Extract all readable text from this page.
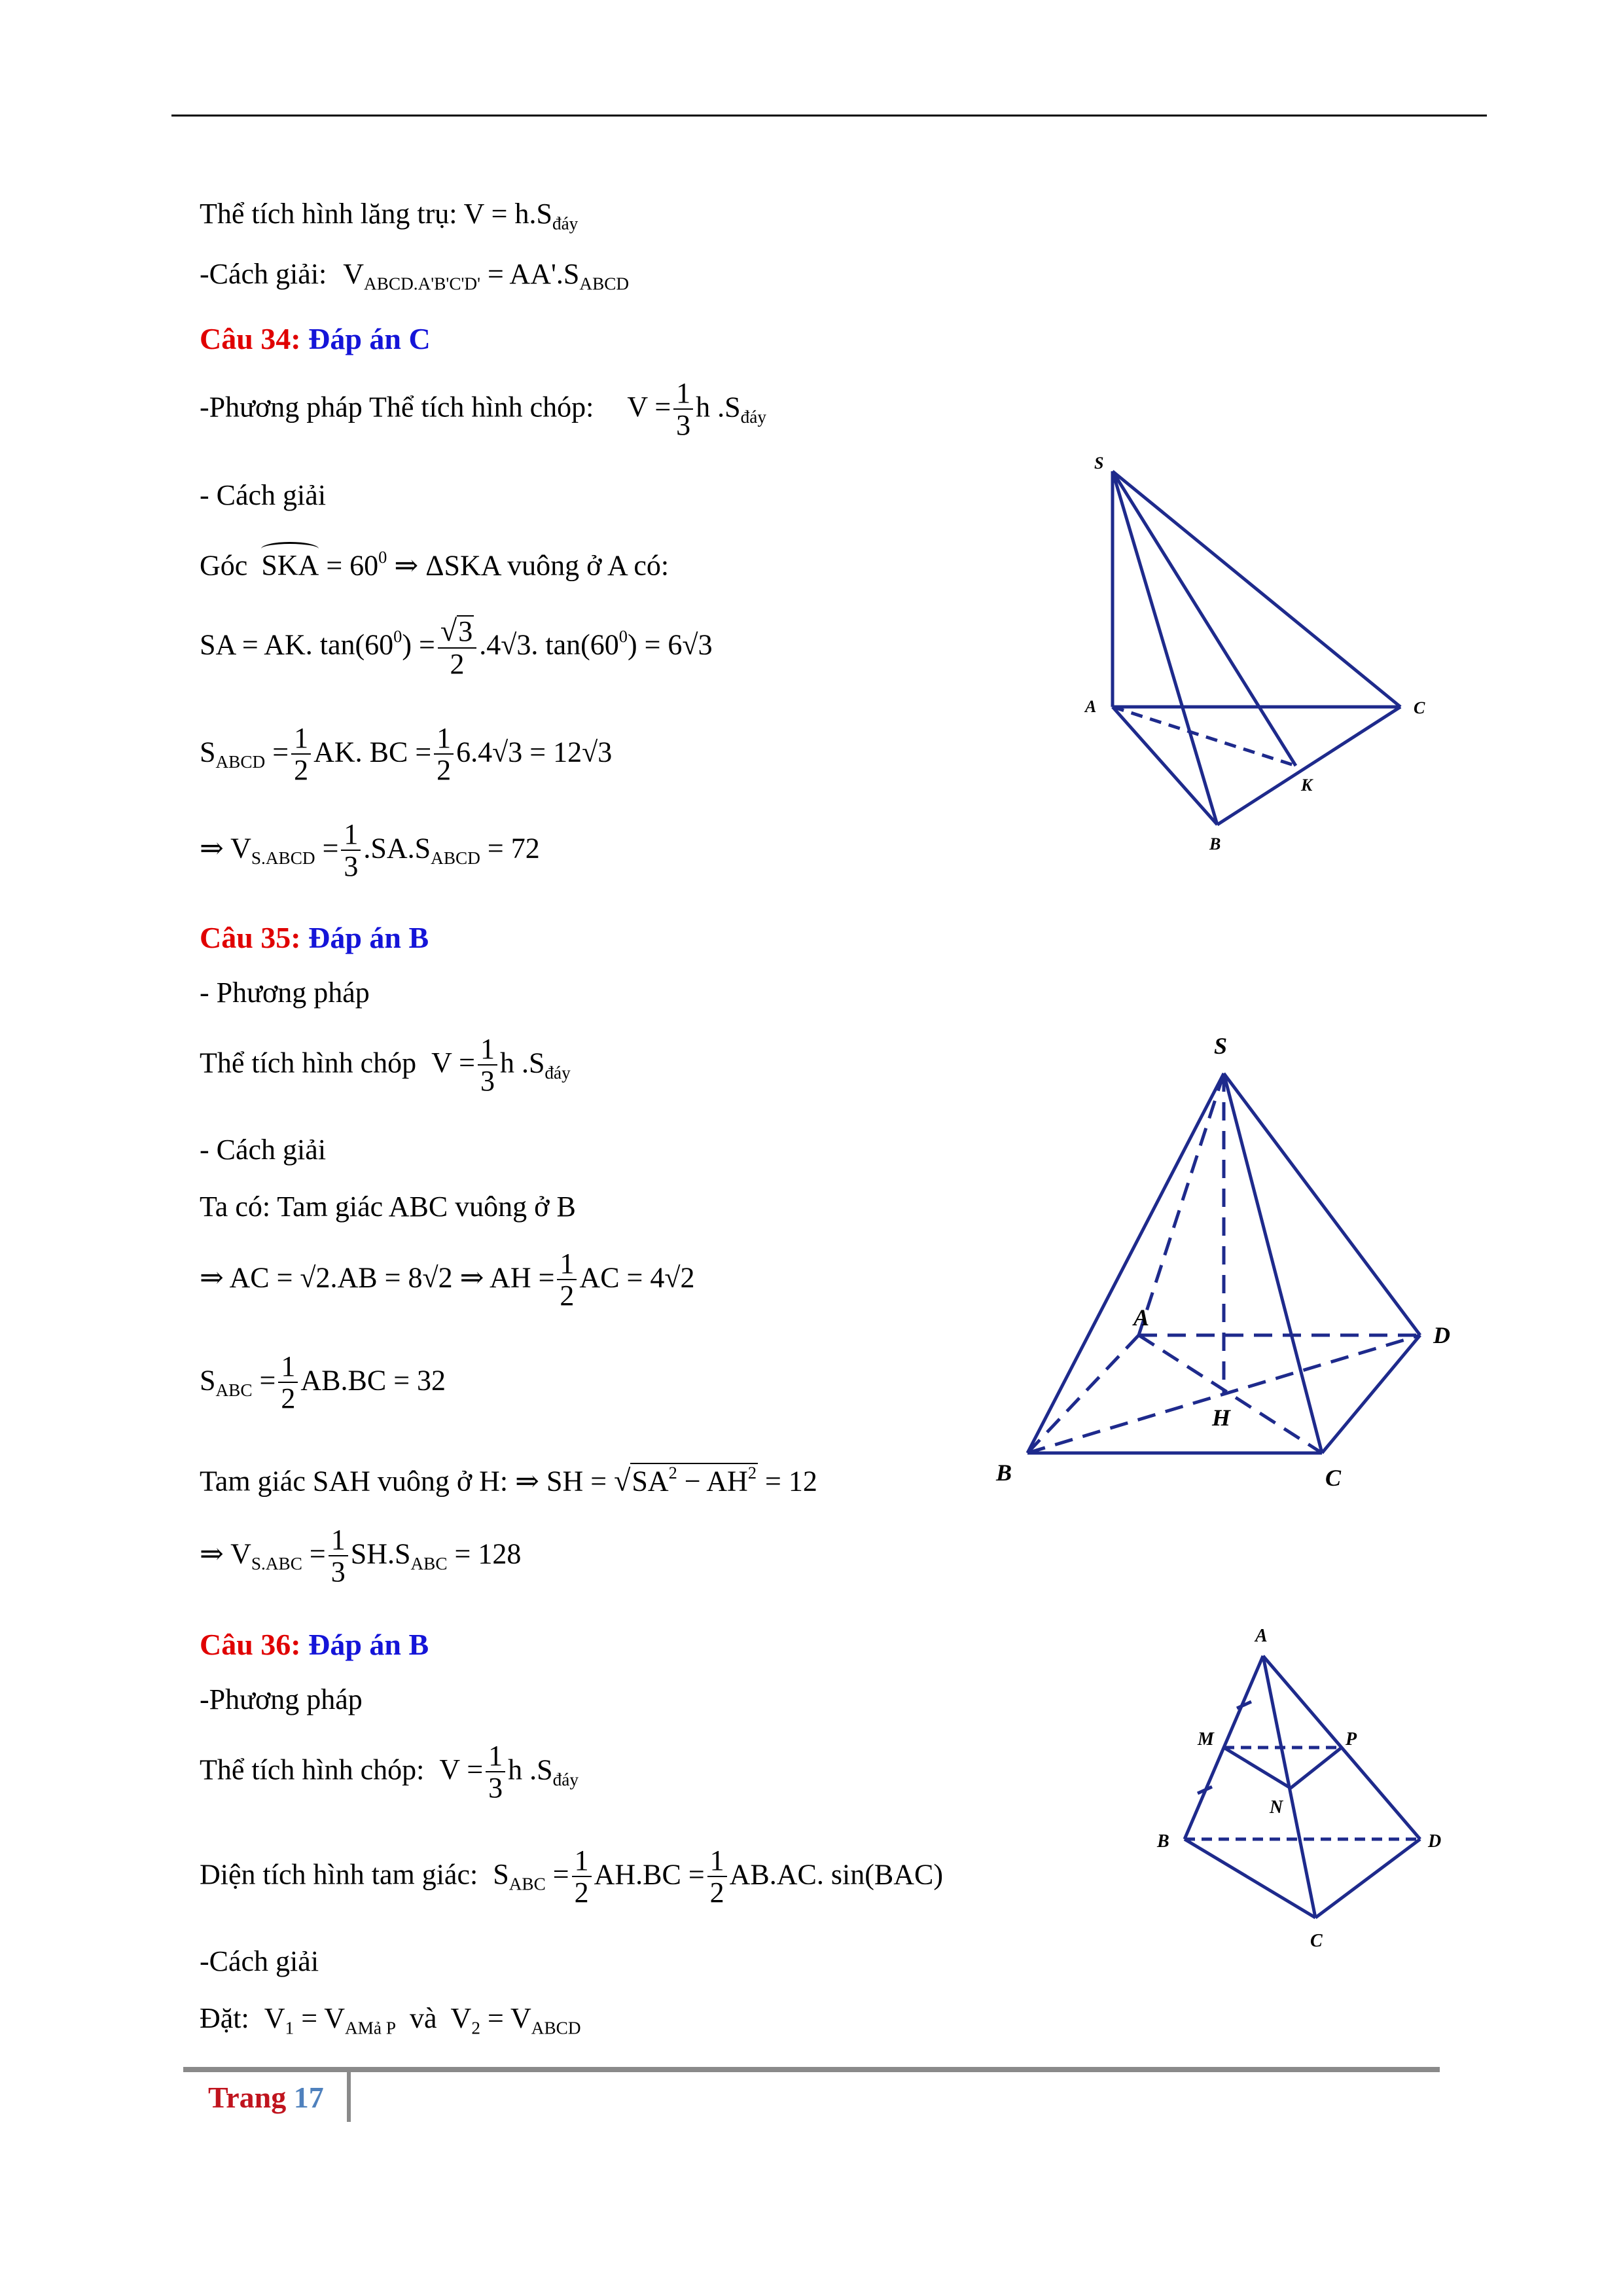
Thể tích hình lăng trụ: $V = h.S_{đáy}$
-Cách giải: $V_{ABCD.A'B'C'D'} = AA'.S_{ABCD}$
Câu 34: Đáp án C
-Phương pháp Thể tích hình chóp: $V = \frac{1}{3}$ h $.S_{đáy}$
- Cách giải
Góc SKA = $60^0$ ⇒ ΔSKA vuông ở A có:
SA = AK. $\tan(60^0) = \frac{√3}{2} .4√3$. $\tan(60^0) = 6√3$
$S_{ABCD} = \frac{1}{2}$ AK. BC = $\frac{1}{2} 6.4√3 = 12√3$
⇒ $V_{S.ABCD} = \frac{1}{3} .SA.S_{ABCD} = 72$
Câu 35: Đáp án B
- Phương pháp
Thể tích hình chóp $V = \frac{1}{3}$ h $.S_{đáy}$
- Cách giải
Ta có: Tam giác ABC vuông ở B
⇒ AC = √2.AB = 8√2 ⇒ AH = $\frac{1}{2}$ AC = 4√2
$S_{ABC} = \frac{1}{2} AB.BC = 32$
Tam giác SAH vuông ở H: ⇒ SH = $√SA^2 - AH^2 = 12$
⇒ $V_{S.ABC} = \frac{1}{3} SH.S_{ABC} = 128$
Câu 36: Đáp án B
-Phương pháp
Thể tích hình chóp: $V = \frac{1}{3}$ h $.S_{đáy}$
Diện tích hình tam giác: $S_{ABC} = \frac{1}{2} AH.BC = \frac{1}{2} AB.AC$. sin(BAC)
-Cách giải
Đặt: $V_1 = V_{AMả P}$ và $V_2 = V_{ABCD}$
S
A	C
B
K
S
A
D
B	C
H
A
M	P
N
B	D
C
Trang 17
